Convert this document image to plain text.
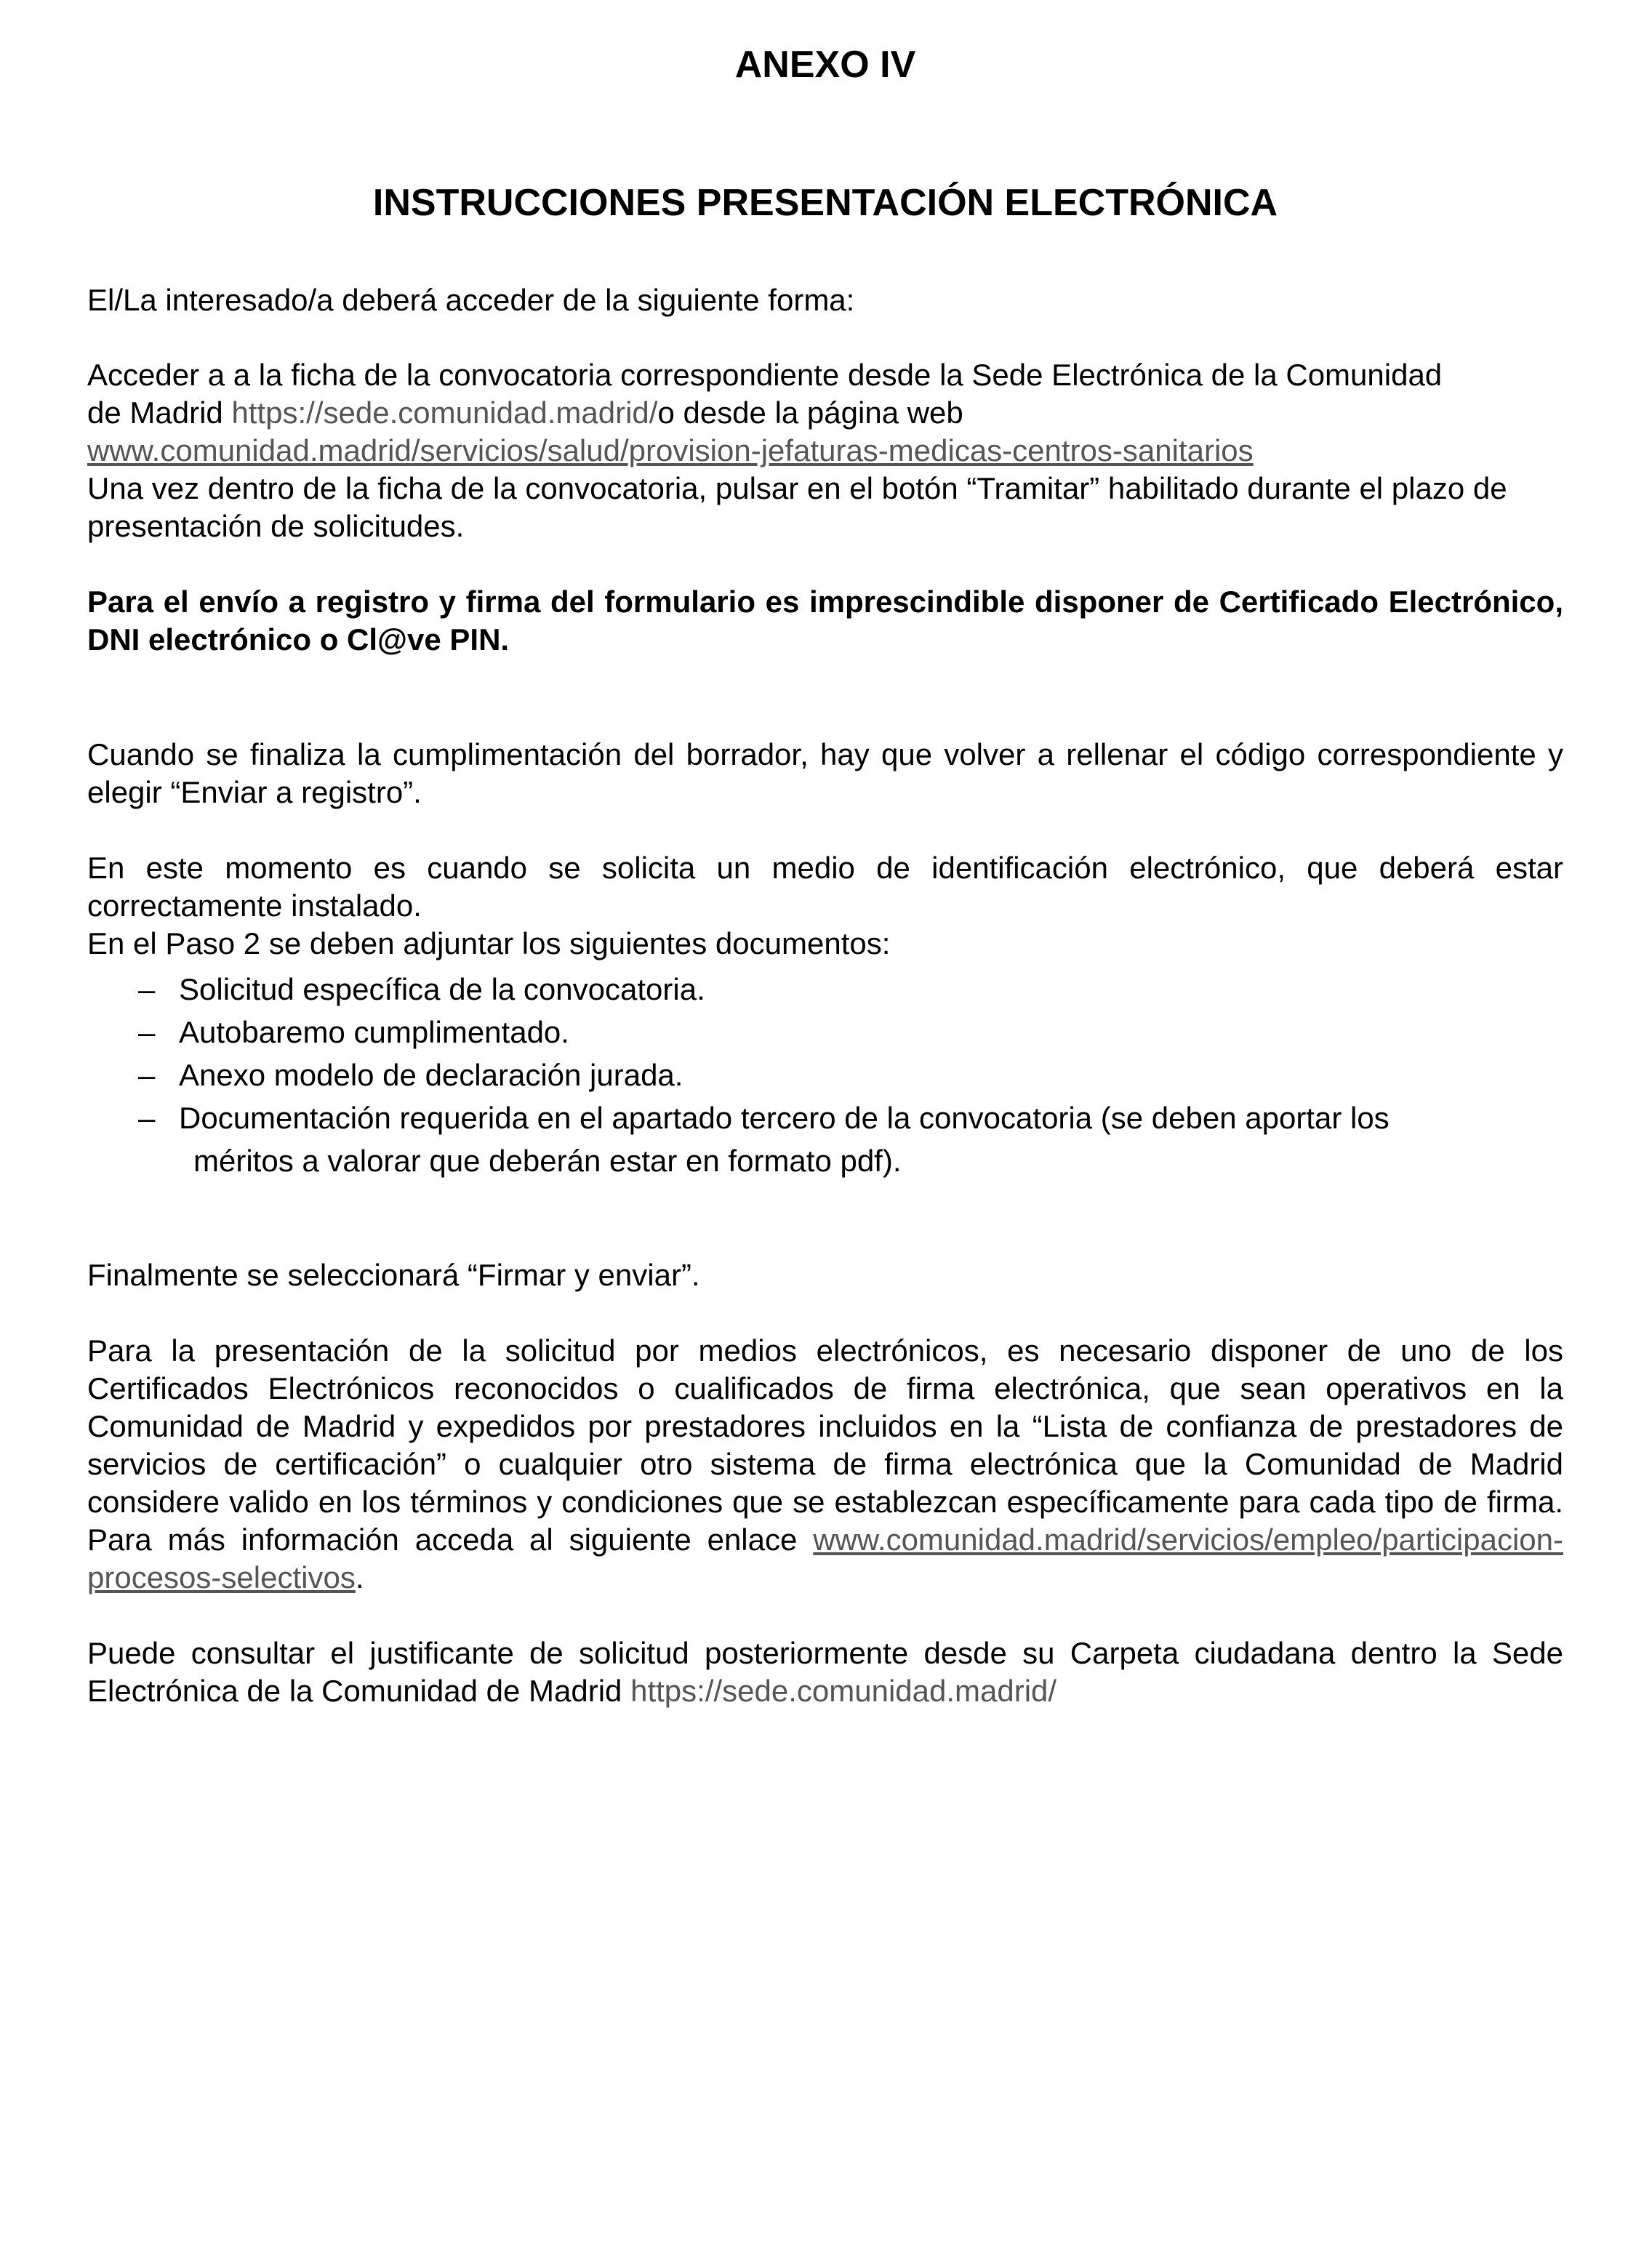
ANEXO IV
INSTRUCCIONES PRESENTACIÓN ELECTRÓNICA

El/La interesado/a deberá acceder de la siguiente forma:

Acceder a a la ficha de la convocatoria correspondiente desde la Sede Electrónica de la Comunidad de Madrid https://sede.comunidad.madrid/o desde la página web

www.comunidad.madrid/servicios/salud/provision-jefaturas-medicas-centros-sanitarios

Una vez dentro de la ficha de la convocatoria, pulsar en el botón “Tramitar” habilitado durante el plazo de presentación de solicitudes.

Para el envío a registro y firma del formulario es imprescindible disponer de Certificado Electrónico, DNI electrónico o Cl@ve PIN.

Cuando se finaliza la cumplimentación del borrador, hay que volver a rellenar el código correspondiente y elegir “Enviar a registro”.

En este momento es cuando se solicita un medio de identificación electrónico, que deberá estar correctamente instalado.

En el Paso 2 se deben adjuntar los siguientes documentos:

– Solicitud específica de la convocatoria.
– Autobaremo cumplimentado.
– Anexo modelo de declaración jurada.
– Documentación requerida en el apartado tercero de la convocatoria (se deben aportar los
méritos a valorar que deberán estar en formato pdf).

Finalmente se seleccionará “Firmar y enviar”.

Para la presentación de la solicitud por medios electrónicos, es necesario disponer de uno de los Certificados Electrónicos reconocidos o cualificados de firma electrónica, que sean operativos en la Comunidad de Madrid y expedidos por prestadores incluidos en la “Lista de confianza de prestadores de servicios de certificación” o cualquier otro sistema de firma electrónica que la Comunidad de Madrid considere valido en los términos y condiciones que se establezcan específicamente para cada tipo de firma. Para más información acceda al siguiente enlace www.comunidad.madrid/servicios/empleo/participacion-procesos-selectivos.

Puede consultar el justificante de solicitud posteriormente desde su Carpeta ciudadana dentro la Sede Electrónica de la Comunidad de Madrid https://sede.comunidad.madrid/
